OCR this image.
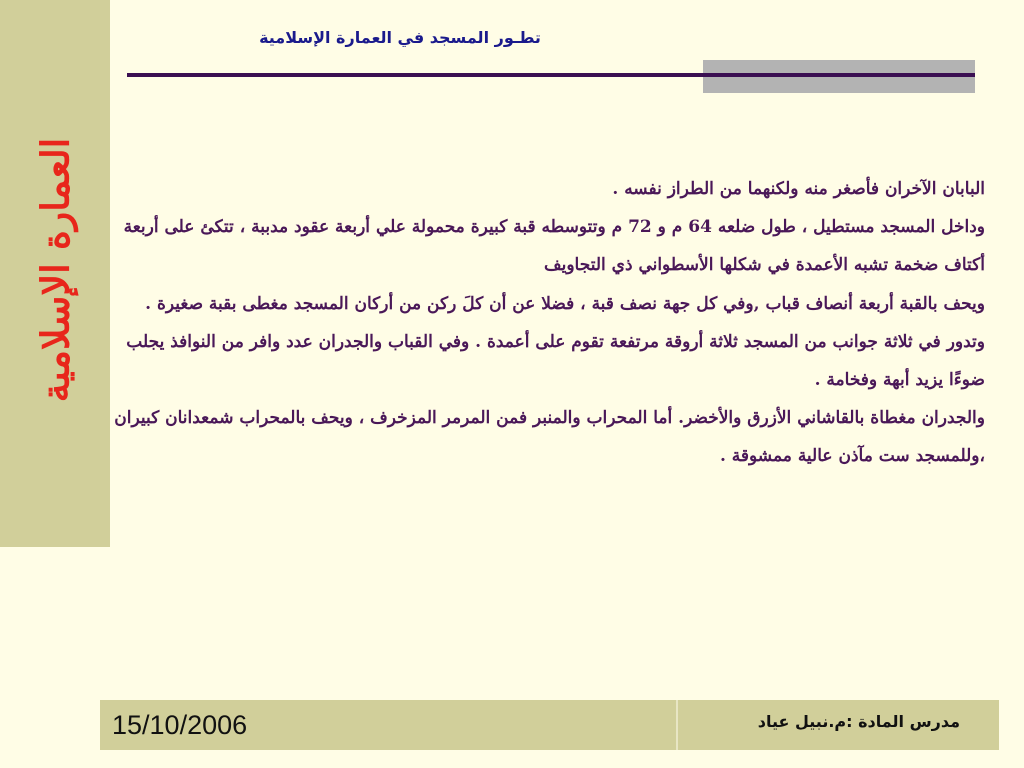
العمارة الإسلامية
تطـور المسجد في العمارة الإسلامية

البابان الآخران فأصغر منه ولكنهما من الطراز نفسه .

وداخل المسجد مستطيل ، طول ضلعه 64 م و 72 م وتتوسطه قبة كبيرة محمولة علي أربعة عقود مدببة ، تتكئ على أربعة أكتاف ضخمة تشبه الأعمدة في شكلها الأسطواني ذي التجاويف

ويحف بالقبة أربعة أنصاف قباب ,وفي كل جهة نصف قبة ، فضلا عن أن كلَ ركن من أركان المسجد مغطى بقبة صغيرة .

وتدور في ثلاثة جوانب من المسجد ثلاثة أروقة مرتفعة تقوم على أعمدة . وفي القباب والجدران عدد وافر من النوافذ يجلب ضوءًا يزيد أبهة وفخامة .

والجدران مغطاة بالقاشاني الأزرق والأخضر. أما المحراب والمنبر فمن المرمر المزخرف ، ويحف بالمحراب شمعدانان كبيران ،وللمسجد ست مآذن عالية ممشوقة .

15/10/2006	مدرس المادة :م.نبيل عياد
